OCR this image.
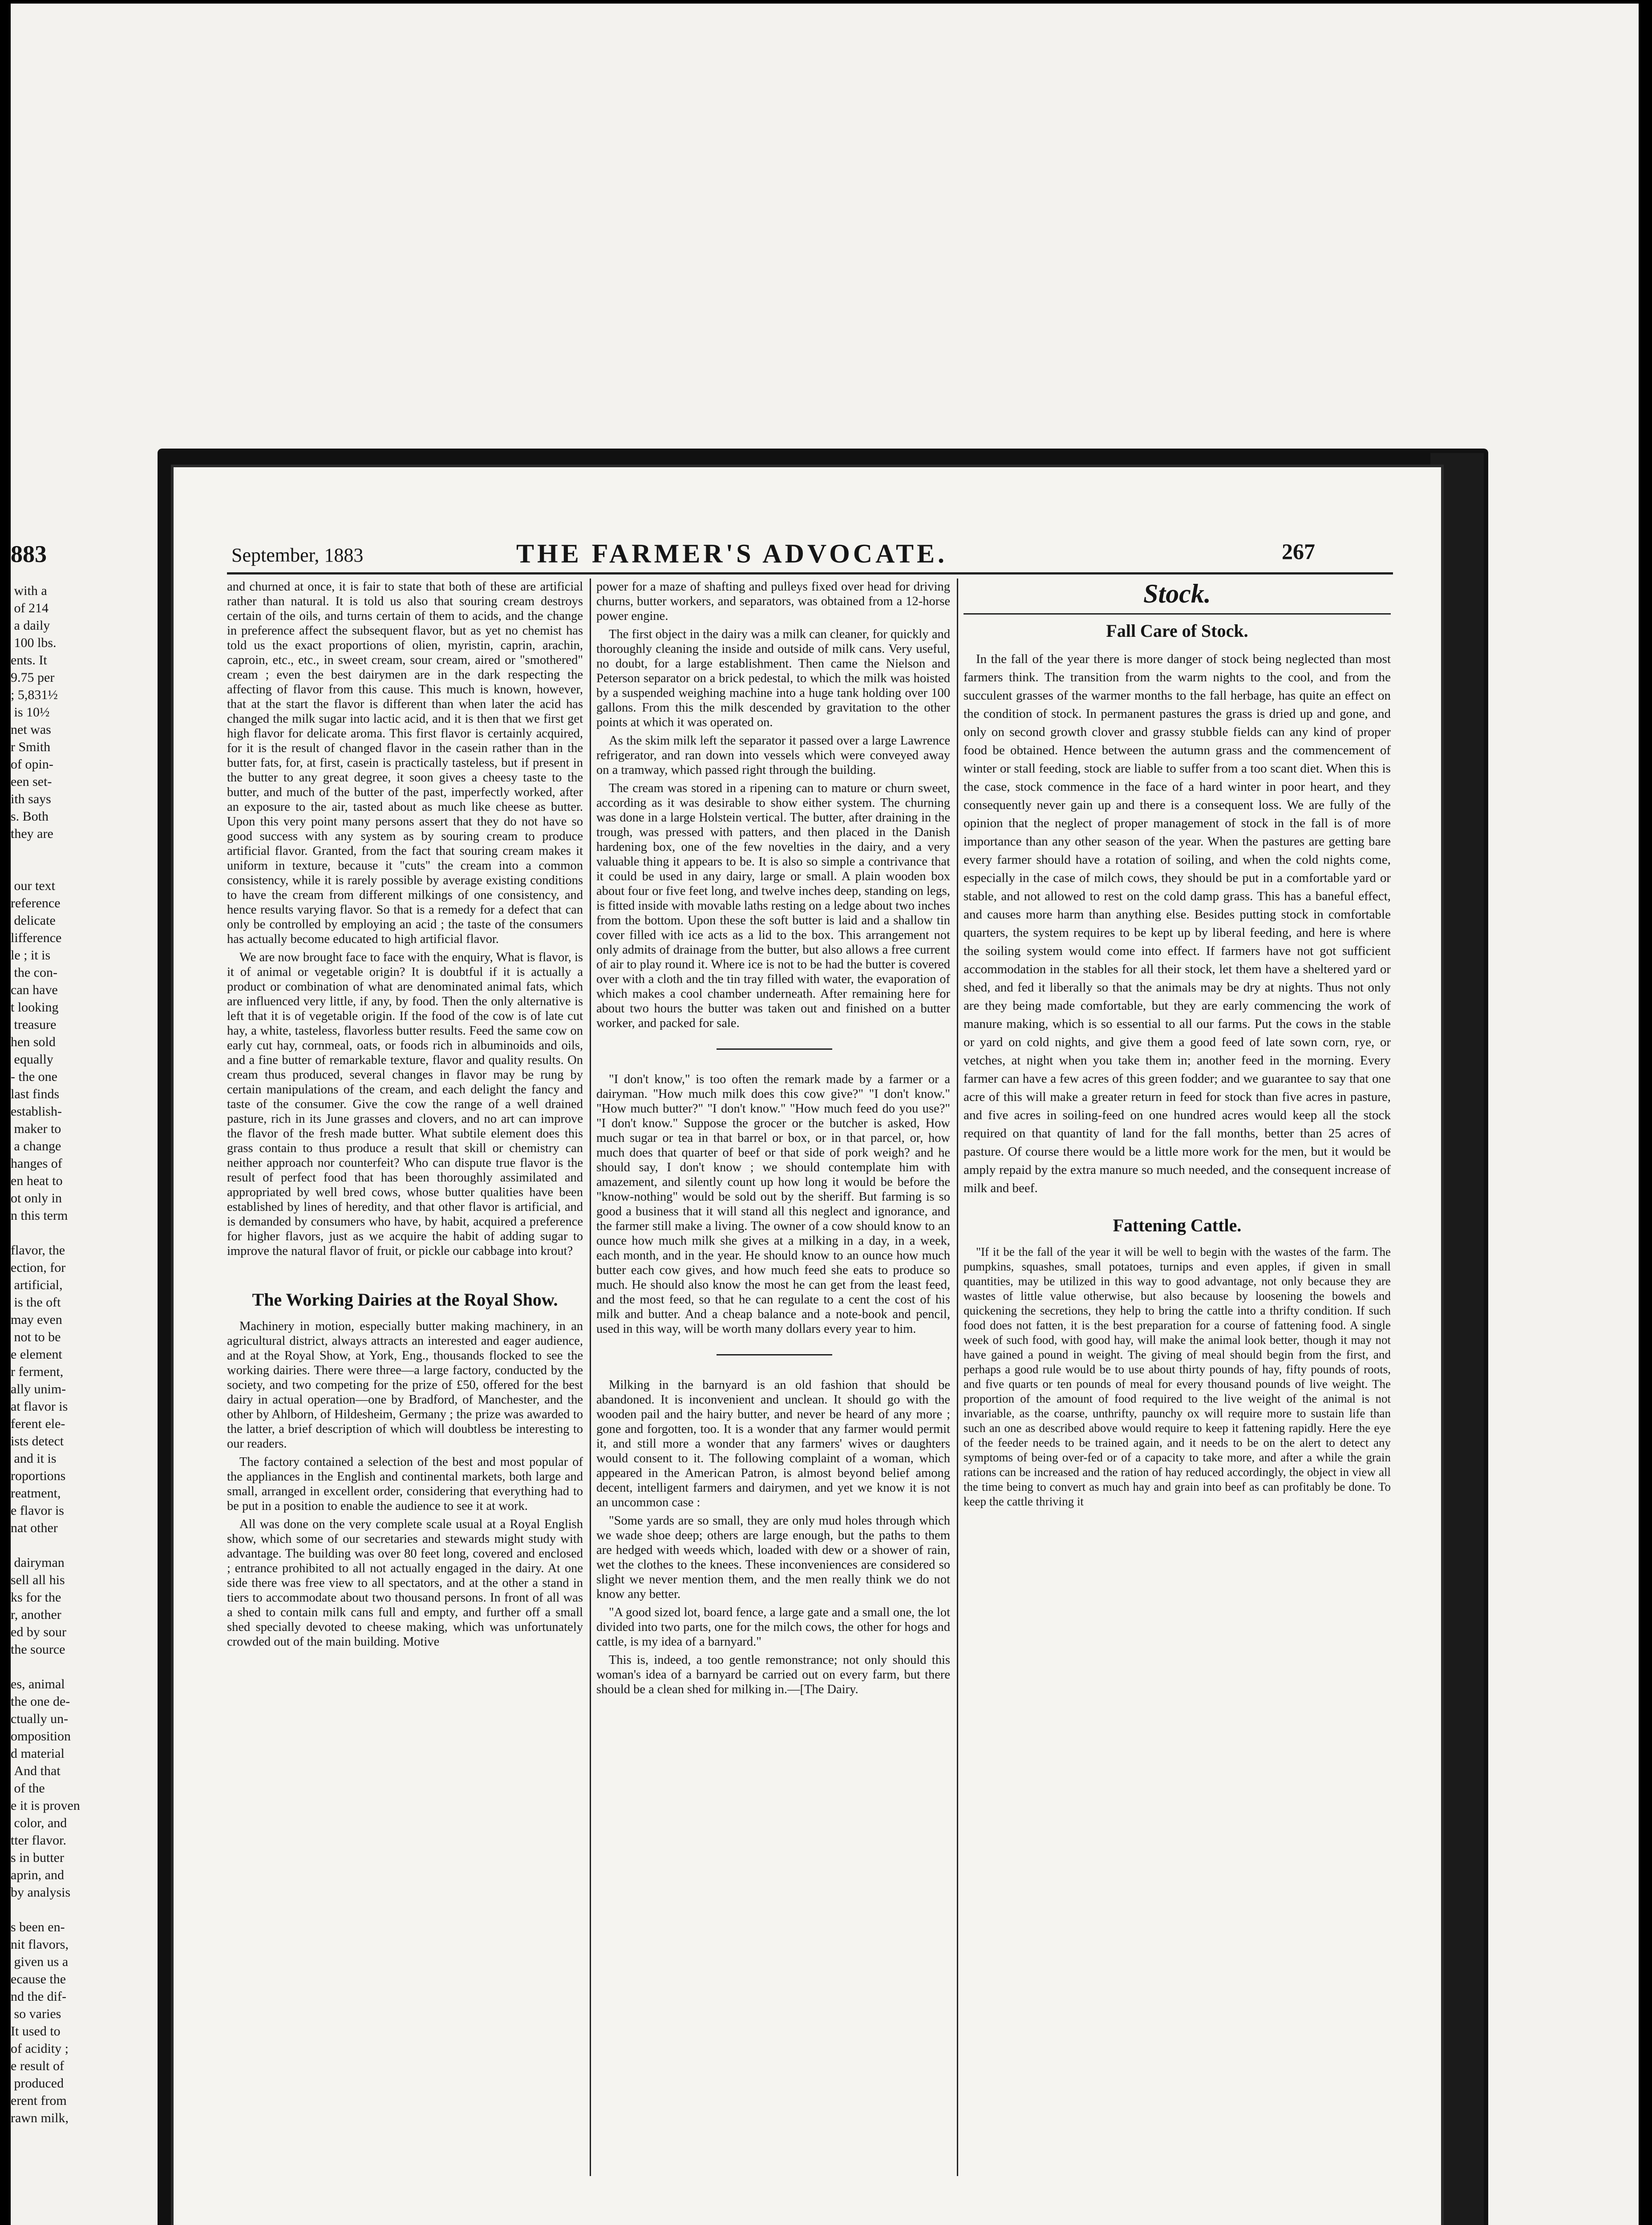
883
with a
of 214
a daily
100 lbs.
ents. It
9.75 per
; 5,831½
is 10½
net was
r Smith
of opin-
een set-
ith says
s. Both
they are

our text
reference
delicate
lifference
le ; it is
the con-
can have
t looking
treasure
hen sold
equally
- the one
last finds
establish-
maker to
a change
hanges of
en heat to
ot only in
n this term

flavor, the
ection, for
artificial,
is the oft
may even
not to be
e element
r ferment,
ally unim-
at flavor is
ferent ele-
ists detect
and it is
roportions
reatment,
e flavor is
nat other

dairyman
sell all his
ks for the
r, another
ed by sour
the source

es, animal
the one de-
ctually un-
omposition
d material
And that
of the
e it is proven
color, and
tter flavor.
s in butter
aprin, and
by analysis

s been en-
nit flavors,
given us a
ecause the
nd the dif-
so varies
It used to
of acidity ;
e result of
produced
erent from
rawn milk,
September, 1883	THE FARMER'S ADVOCATE.	267

and churned at once, it is fair to state that both of these are artificial rather than natural. It is told us also that souring cream destroys certain of the oils, and turns certain of them to acids, and the change in preference affect the subsequent flavor, but as yet no chemist has told us the exact proportions of olien, myristin, caprin, arachin, caproin, etc., etc., in sweet cream, sour cream, aired or "smothered" cream ; even the best dairymen are in the dark respecting the affecting of flavor from this cause. This much is known, however, that at the start the flavor is different than when later the acid has changed the milk sugar into lactic acid, and it is then that we first get high flavor for delicate aroma. This first flavor is certainly acquired, for it is the result of changed flavor in the casein rather than in the butter fats, for, at first, casein is practically tasteless, but if present in the butter to any great degree, it soon gives a cheesy taste to the butter, and much of the butter of the past, imperfectly worked, after an exposure to the air, tasted about as much like cheese as butter. Upon this very point many persons assert that they do not have so good success with any system as by souring cream to produce artificial flavor. Granted, from the fact that souring cream makes it uniform in texture, because it "cuts" the cream into a common consistency, while it is rarely possible by average existing conditions to have the cream from different milkings of one consistency, and hence results varying flavor. So that is a remedy for a defect that can only be controlled by employing an acid ; the taste of the consumers has actually become educated to high artificial flavor.

We are now brought face to face with the enquiry, What is flavor, is it of animal or vegetable origin? It is doubtful if it is actually a product or combination of what are denominated animal fats, which are influenced very little, if any, by food. Then the only alternative is left that it is of vegetable origin. If the food of the cow is of late cut hay, a white, tasteless, flavorless butter results. Feed the same cow on early cut hay, cornmeal, oats, or foods rich in albuminoids and oils, and a fine butter of remarkable texture, flavor and quality results. On cream thus produced, several changes in flavor may be rung by certain manipulations of the cream, and each delight the fancy and taste of the consumer. Give the cow the range of a well drained pasture, rich in its June grasses and clovers, and no art can improve the flavor of the fresh made butter. What subtile element does this grass contain to thus produce a result that skill or chemistry can neither approach nor counterfeit? Who can dispute true flavor is the result of perfect food that has been thoroughly assimilated and appropriated by well bred cows, whose butter qualities have been established by lines of heredity, and that other flavor is artificial, and is demanded by consumers who have, by habit, acquired a preference for higher flavors, just as we acquire the habit of adding sugar to improve the natural flavor of fruit, or pickle our cabbage into krout?

The Working Dairies at the Royal Show.

Machinery in motion, especially butter making machinery, in an agricultural district, always attracts an interested and eager audience, and at the Royal Show, at York, Eng., thousands flocked to see the working dairies. There were three—a large factory, conducted by the society, and two competing for the prize of £50, offered for the best dairy in actual operation—one by Bradford, of Manchester, and the other by Ahlborn, of Hildesheim, Germany ; the prize was awarded to the latter, a brief description of which will doubtless be interesting to our readers.

The factory contained a selection of the best and most popular of the appliances in the English and continental markets, both large and small, arranged in excellent order, considering that everything had to be put in a position to enable the audience to see it at work.

All was done on the very complete scale usual at a Royal English show, which some of our secretaries and stewards might study with advantage. The building was over 80 feet long, covered and enclosed ; entrance prohibited to all not actually engaged in the dairy. At one side there was free view to all spectators, and at the other a stand in tiers to accommodate about two thousand persons. In front of all was a shed to contain milk cans full and empty, and further off a small shed specially devoted to cheese making, which was unfortunately crowded out of the main building. Motive

power for a maze of shafting and pulleys fixed over head for driving churns, butter workers, and separators, was obtained from a 12-horse power engine.

The first object in the dairy was a milk can cleaner, for quickly and thoroughly cleaning the inside and outside of milk cans. Very useful, no doubt, for a large establishment. Then came the Nielson and Peterson separator on a brick pedestal, to which the milk was hoisted by a suspended weighing machine into a huge tank holding over 100 gallons. From this the milk descended by gravitation to the other points at which it was operated on.

As the skim milk left the separator it passed over a large Lawrence refrigerator, and ran down into vessels which were conveyed away on a tramway, which passed right through the building.

The cream was stored in a ripening can to mature or churn sweet, according as it was desirable to show either system. The churning was done in a large Holstein vertical. The butter, after draining in the trough, was pressed with patters, and then placed in the Danish hardening box, one of the few novelties in the dairy, and a very valuable thing it appears to be. It is also so simple a contrivance that it could be used in any dairy, large or small. A plain wooden box about four or five feet long, and twelve inches deep, standing on legs, is fitted inside with movable laths resting on a ledge about two inches from the bottom. Upon these the soft butter is laid and a shallow tin cover filled with ice acts as a lid to the box. This arrangement not only admits of drainage from the butter, but also allows a free current of air to play round it. Where ice is not to be had the butter is covered over with a cloth and the tin tray filled with water, the evaporation of which makes a cool chamber underneath. After remaining here for about two hours the butter was taken out and finished on a butter worker, and packed for sale.

"I don't know," is too often the remark made by a farmer or a dairyman. "How much milk does this cow give?" "I don't know." "How much butter?" "I don't know." "How much feed do you use?" "I don't know." Suppose the grocer or the butcher is asked, How much sugar or tea in that barrel or box, or in that parcel, or, how much does that quarter of beef or that side of pork weigh? and he should say, I don't know ; we should contemplate him with amazement, and silently count up how long it would be before the "know-nothing" would be sold out by the sheriff. But farming is so good a business that it will stand all this neglect and ignorance, and the farmer still make a living. The owner of a cow should know to an ounce how much milk she gives at a milking in a day, in a week, each month, and in the year. He should know to an ounce how much butter each cow gives, and how much feed she eats to produce so much. He should also know the most he can get from the least feed, and the most feed, so that he can regulate to a cent the cost of his milk and butter. And a cheap balance and a note-book and pencil, used in this way, will be worth many dollars every year to him.

Milking in the barnyard is an old fashion that should be abandoned. It is inconvenient and unclean. It should go with the wooden pail and the hairy butter, and never be heard of any more ; gone and forgotten, too. It is a wonder that any farmer would permit it, and still more a wonder that any farmers' wives or daughters would consent to it. The following complaint of a woman, which appeared in the American Patron, is almost beyond belief among decent, intelligent farmers and dairymen, and yet we know it is not an uncommon case :

"Some yards are so small, they are only mud holes through which we wade shoe deep; others are large enough, but the paths to them are hedged with weeds which, loaded with dew or a shower of rain, wet the clothes to the knees. These inconveniences are considered so slight we never mention them, and the men really think we do not know any better.

"A good sized lot, board fence, a large gate and a small one, the lot divided into two parts, one for the milch cows, the other for hogs and cattle, is my idea of a barnyard."

This is, indeed, a too gentle remonstrance; not only should this woman's idea of a barnyard be carried out on every farm, but there should be a clean shed for milking in.—[The Dairy.

Stock.
Fall Care of Stock.

In the fall of the year there is more danger of stock being neglected than most farmers think. The transition from the warm nights to the cool, and from the succulent grasses of the warmer months to the fall herbage, has quite an effect on the condition of stock. In permanent pastures the grass is dried up and gone, and only on second growth clover and grassy stubble fields can any kind of proper food be obtained. Hence between the autumn grass and the commencement of winter or stall feeding, stock are liable to suffer from a too scant diet. When this is the case, stock commence in the face of a hard winter in poor heart, and they consequently never gain up and there is a consequent loss. We are fully of the opinion that the neglect of proper management of stock in the fall is of more importance than any other season of the year. When the pastures are getting bare every farmer should have a rotation of soiling, and when the cold nights come, especially in the case of milch cows, they should be put in a comfortable yard or stable, and not allowed to rest on the cold damp grass. This has a baneful effect, and causes more harm than anything else. Besides putting stock in comfortable quarters, the system requires to be kept up by liberal feeding, and here is where the soiling system would come into effect. If farmers have not got sufficient accommodation in the stables for all their stock, let them have a sheltered yard or shed, and fed it liberally so that the animals may be dry at nights. Thus not only are they being made comfortable, but they are early commencing the work of manure making, which is so essential to all our farms. Put the cows in the stable or yard on cold nights, and give them a good feed of late sown corn, rye, or vetches, at night when you take them in; another feed in the morning. Every farmer can have a few acres of this green fodder; and we guarantee to say that one acre of this will make a greater return in feed for stock than five acres in pasture, and five acres in soiling-feed on one hundred acres would keep all the stock required on that quantity of land for the fall months, better than 25 acres of pasture. Of course there would be a little more work for the men, but it would be amply repaid by the extra manure so much needed, and the consequent increase of milk and beef.

Fattening Cattle.

"If it be the fall of the year it will be well to begin with the wastes of the farm. The pumpkins, squashes, small potatoes, turnips and even apples, if given in small quantities, may be utilized in this way to good advantage, not only because they are wastes of little value otherwise, but also because by loosening the bowels and quickening the secretions, they help to bring the cattle into a thrifty condition. If such food does not fatten, it is the best preparation for a course of fattening food. A single week of such food, with good hay, will make the animal look better, though it may not have gained a pound in weight. The giving of meal should begin from the first, and perhaps a good rule would be to use about thirty pounds of hay, fifty pounds of roots, and five quarts or ten pounds of meal for every thousand pounds of live weight. The proportion of the amount of food required to the live weight of the animal is not invariable, as the coarse, unthrifty, paunchy ox will require more to sustain life than such an one as described above would require to keep it fattening rapidly. Here the eye of the feeder needs to be trained again, and it needs to be on the alert to detect any symptoms of being over-fed or of a capacity to take more, and after a while the grain rations can be increased and the ration of hay reduced accordingly, the object in view all the time being to convert as much hay and grain into beef as can profitably be done. To keep the cattle thriving it
